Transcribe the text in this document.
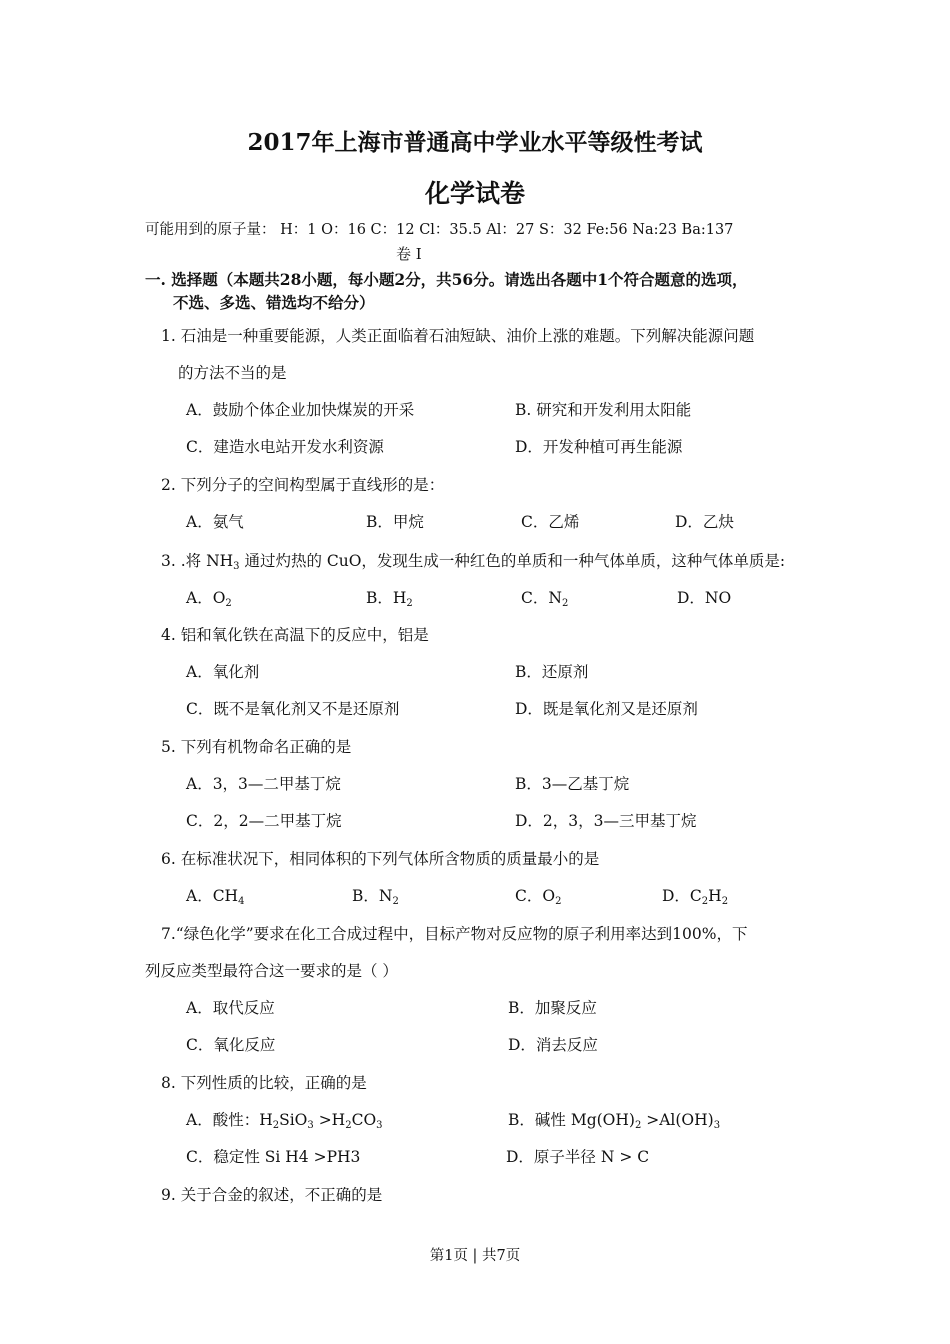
2017年上海市普通高中学业水平等级性考试
化学试卷
可能用到的原子量： H：1 O：16 C：12 Cl：35.5 Al：27 S：32 Fe:56 Na:23 Ba:137
卷 Ⅰ
一. 选择题（本题共28小题，每小题2分，共56分。请选出各题中1个符合题意的选项，
不选、多选、错选均不给分）
1. 石油是一种重要能源，人类正面临着石油短缺、油价上涨的难题。下列解决能源问题
的方法不当的是
A．鼓励个体企业加快煤炭的开采	B. 研究和开发利用太阳能
C．建造水电站开发水利资源	D．开发种植可再生能源
2. 下列分子的空间构型属于直线形的是：
A．氨气	B．甲烷	C．乙烯	D．乙炔
3. .将 $NH_3$ 通过灼热的 CuO，发现生成一种红色的单质和一种气体单质，这种气体单质是:
A．$O_2$	B．$H_2$	C．$N_2$	D．NO
4. 铝和氧化铁在高温下的反应中，铝是
A．氧化剂	B．还原剂
C．既不是氧化剂又不是还原剂	D．既是氧化剂又是还原剂
5. 下列有机物命名正确的是
A．3，3—二甲基丁烷	B．3—乙基丁烷
C．2，2—二甲基丁烷	D．2，3，3—三甲基丁烷
6. 在标准状况下，相同体积的下列气体所含物质的质量最小的是
A．$CH_4$	B．$N_2$	C．$O_2$	D．$C_2H_2$
7.“绿色化学”要求在化工合成过程中，目标产物对反应物的原子利用率达到100%，下
列反应类型最符合这一要求的是（ ）
A．取代反应	B．加聚反应
C．氧化反应	D．消去反应
8. 下列性质的比较，正确的是
A．酸性：$H_2SiO_3 >H_2CO_3$	B．碱性 $Mg(OH)_2 >Al(OH)_3$
C．稳定性 Si H4 >PH3	D．原子半径 N > C
9. 关于合金的叙述，不正确的是
第1页 | 共7页
